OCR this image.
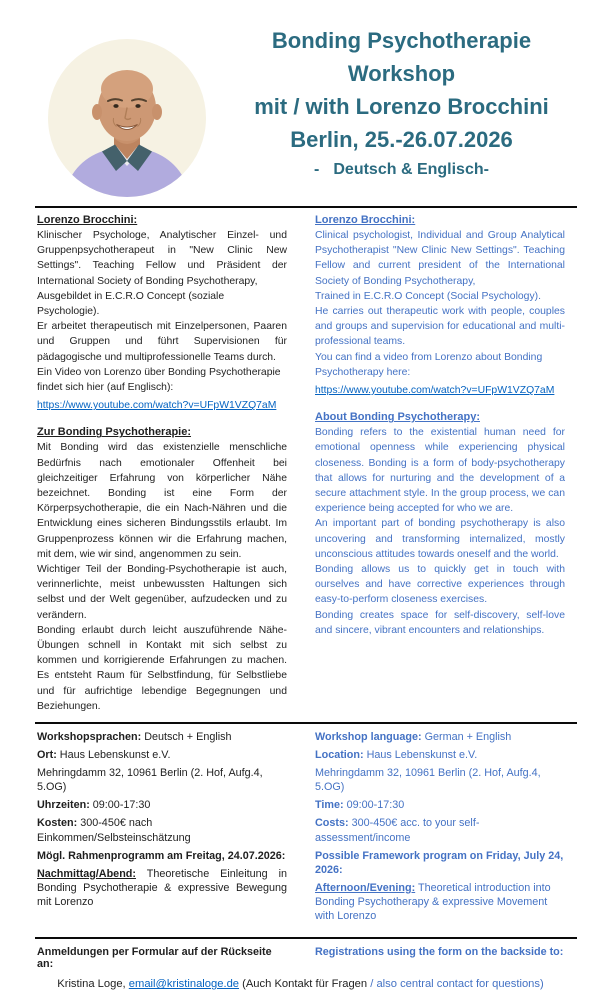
Bonding Psychotherapie
Workshop
mit / with Lorenzo Brocchini
Berlin, 25.-26.07.2026
- Deutsch & Englisch-

Lorenzo Brocchini:

Klinischer Psychologe, Analytischer Einzel- und Gruppenpsychotherapeut in "New Clinic New Settings". Teaching Fellow und Präsident der International Society of Bonding Psychotherapy,

Ausgebildet in E.C.R.O Concept (soziale Psychologie).

Er arbeitet therapeutisch mit Einzelpersonen, Paaren und Gruppen und führt Supervisionen für pädagogische und multiprofessionelle Teams durch.

Ein Video von Lorenzo über Bonding Psychotherapie findet sich hier (auf Englisch):

https://www.youtube.com/watch?v=UFpW1VZQ7aM

Zur Bonding Psychotherapie:

Mit Bonding wird das existenzielle menschliche Bedürfnis nach emotionaler Offenheit bei gleichzeitiger Erfahrung von körperlicher Nähe bezeichnet. Bonding ist eine Form der Körperpsychotherapie, die ein Nach-Nähren und die Entwicklung eines sicheren Bindungsstils erlaubt. Im Gruppenprozess können wir die Erfahrung machen, mit dem, wie wir sind, angenommen zu sein.

Wichtiger Teil der Bonding-Psychotherapie ist auch, verinnerlichte, meist unbewussten Haltungen sich selbst und der Welt gegenüber, aufzudecken und zu verändern.

Bonding erlaubt durch leicht auszuführende Nähe-Übungen schnell in Kontakt mit sich selbst zu kommen und korrigierende Erfahrungen zu machen. Es entsteht Raum für Selbstfindung, für Selbstliebe und für aufrichtige lebendige Begegnungen und Beziehungen.

Lorenzo Brocchini:

Clinical psychologist, Individual and Group Analytical Psychotherapist "New Clinic New Settings". Teaching Fellow and current president of the International Society of Bonding Psychotherapy,

Trained in E.C.R.O Concept (Social Psychology).

He carries out therapeutic work with people, couples and groups and supervision for educational and multi-professional teams.

You can find a video from Lorenzo about Bonding Psychotherapy here:

https://www.youtube.com/watch?v=UFpW1VZQ7aM

About Bonding Psychotherapy:

Bonding refers to the existential human need for emotional openness while experiencing physical closeness. Bonding is a form of body-psychotherapy that allows for nurturing and the development of a secure attachment style. In the group process, we can experience being accepted for who we are.

An important part of bonding psychotherapy is also uncovering and transforming internalized, mostly unconscious attitudes towards oneself and the world.

Bonding allows us to quickly get in touch with ourselves and have corrective experiences through easy-to-perform closeness exercises.

Bonding creates space for self-discovery, self-love and sincere, vibrant encounters and relationships.

Workshopsprachen: Deutsch + English
Ort: Haus Lebenskunst e.V.
Mehringdamm 32, 10961 Berlin (2. Hof, Aufg.4, 5.OG)
Uhrzeiten: 09:00-17:30
Kosten: 300-450€ nach Einkommen/Selbsteinschätzung
Mögl. Rahmenprogramm am Freitag, 24.07.2026:
Nachmittag/Abend: Theoretische Einleitung in Bonding Psychotherapie & expressive Bewegung mit Lorenzo
Workshop language: German + English
Location: Haus Lebenskunst e.V.
Mehringdamm 32, 10961 Berlin (2. Hof, Aufg.4, 5.OG)
Time: 09:00-17:30
Costs: 300-450€ acc. to your self-assessment/income
Possible Framework program on Friday, July 24, 2026:
Afternoon/Evening: Theoretical introduction into Bonding Psychotherapy & expressive Movement with Lorenzo
Anmeldungen per Formular auf der Rückseite an:
Registrations using the form on the backside to:
Kristina Loge, email@kristinaloge.de (Auch Kontakt für Fragen / also central contact for questions)
